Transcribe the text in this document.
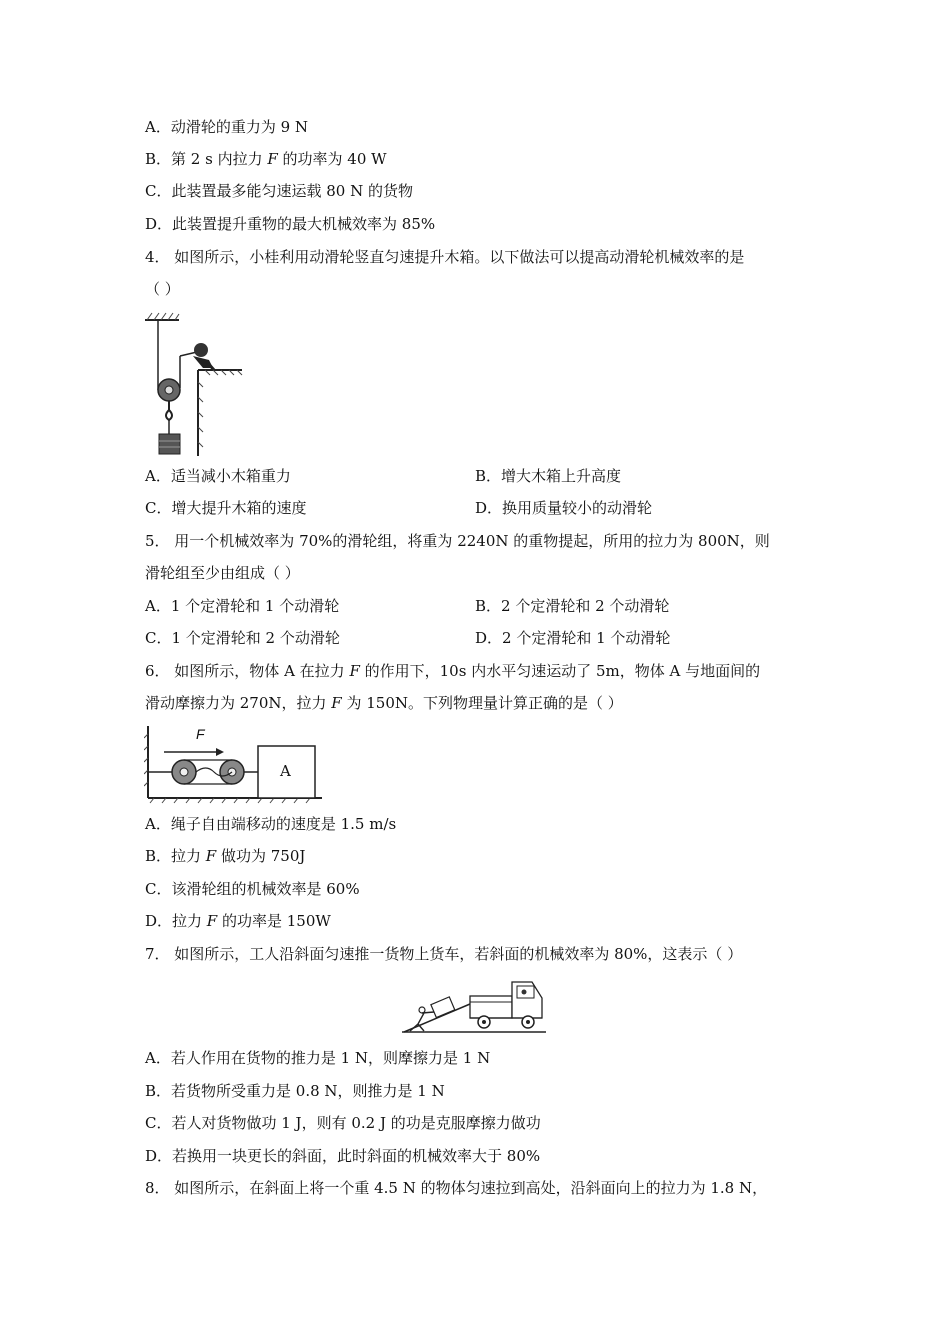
A．动滑轮的重力为 9 N
B．第 2 s 内拉力 F 的功率为 40 W
C．此装置最多能匀速运载 80 N 的货物
D．此装置提升重物的最大机械效率为 85%
4． 如图所示，小桂利用动滑轮竖直匀速提升木箱。以下做法可以提高动滑轮机械效率的是
（ ）
A．适当减小木箱重力	B．增大木箱上升高度
C．增大提升木箱的速度	D．换用质量较小的动滑轮
5． 用一个机械效率为 70%的滑轮组，将重为 2240N 的重物提起，所用的拉力为 800N，则
滑轮组至少由组成（ ）
A．1 个定滑轮和 1 个动滑轮	B．2 个定滑轮和 2 个动滑轮
C．1 个定滑轮和 2 个动滑轮	D．2 个定滑轮和 1 个动滑轮
6． 如图所示，物体 A 在拉力 F 的作用下，10s 内水平匀速运动了 5m，物体 A 与地面间的
滑动摩擦力为 270N，拉力 F 为 150N。下列物理量计算正确的是（ ）
F
A
A．绳子自由端移动的速度是 1.5 m/s
B．拉力 F 做功为 750J
C．该滑轮组的机械效率是 60%
D．拉力 F 的功率是 150W
7． 如图所示，工人沿斜面匀速推一货物上货车，若斜面的机械效率为 80%，这表示（ ）
A．若人作用在货物的推力是 1 N，则摩擦力是 1 N
B．若货物所受重力是 0.8 N，则推力是 1 N
C．若人对货物做功 1 J，则有 0.2 J 的功是克服摩擦力做功
D．若换用一块更长的斜面，此时斜面的机械效率大于 80%
8． 如图所示，在斜面上将一个重 4.5 N 的物体匀速拉到高处，沿斜面向上的拉力为 1.8 N，
